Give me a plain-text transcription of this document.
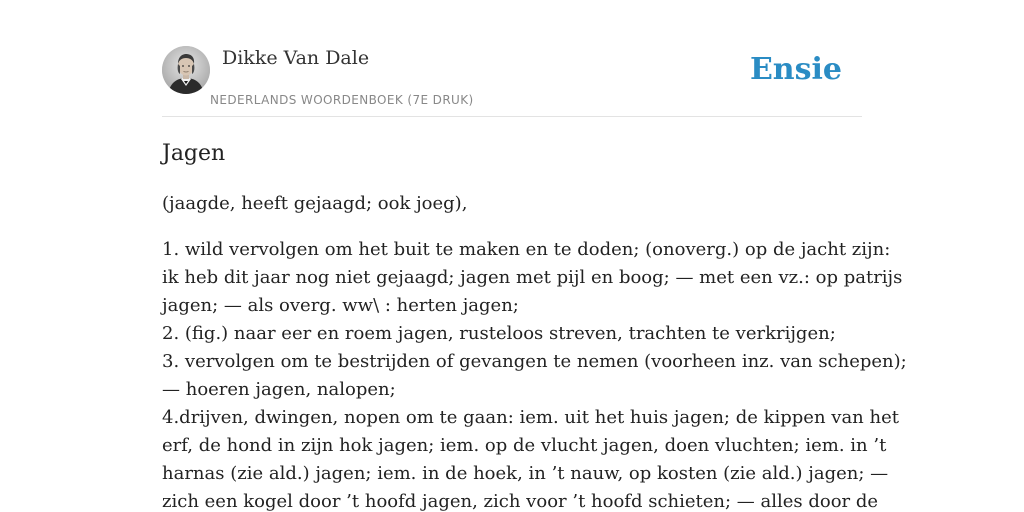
Dikke Van Dale
NEDERLANDS WOORDENBOEK (7E DRUK)
Ensie
Jagen

(jaagde, heeft gejaagd; ook joeg),

1. wild vervolgen om het buit te maken en te doden; (onoverg.) op de jacht zijn:
ik heb dit jaar nog niet gejaagd; jagen met pijl en boog; — met een vz.: op patrijs
jagen; — als overg. ww\ : herten jagen;
2. (fig.) naar eer en roem jagen, rusteloos streven, trachten te verkrijgen;
3. vervolgen om te bestrijden of gevangen te nemen (voorheen inz. van schepen);
— hoeren jagen, nalopen;
4.drijven, dwingen, nopen om te gaan: iem. uit het huis jagen; de kippen van het
erf, de hond in zijn hok jagen; iem. op de vlucht jagen, doen vluchten; iem. in ’t
harnas (zie ald.) jagen; iem. in de hoek, in ’t nauw, op kosten (zie ald.) jagen; —
zich een kogel door ’t hoofd jagen, zich voor ’t hoofd schieten; — alles door de
